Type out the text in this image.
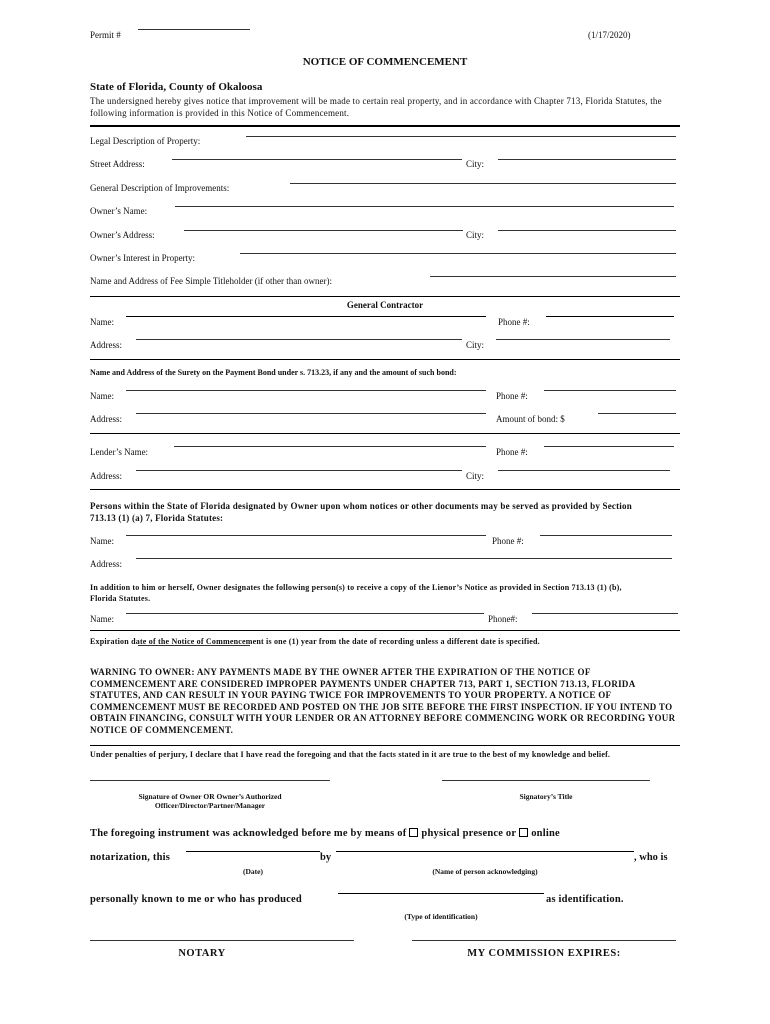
Permit #	(1/17/2020)
NOTICE OF COMMENCEMENT
State of Florida, County of Okaloosa
The undersigned hereby gives notice that improvement will be made to certain real property, and in accordance with Chapter 713, Florida Statutes, the following information is provided in this Notice of Commencement.
Legal Description of Property:
Street Address:	City:
General Description of Improvements:
Owner’s Name:
Owner’s Address:	City:
Owner’s Interest in Property:
Name and Address of Fee Simple Titleholder (if other than owner):
General Contractor
Name:	Phone #:
Address:	City:
Name and Address of the Surety on the Payment Bond under s. 713.23, if any and the amount of such bond:
Name:	Phone #:
Address:	Amount of bond: $
Lender’s Name:	Phone #:
Address:	City:
Persons within the State of Florida designated by Owner upon whom notices or other documents may be served as provided by Section 713.13 (1) (a) 7, Florida Statutes:
Name:	Phone #:
Address:
In addition to him or herself, Owner designates the following person(s) to receive a copy of the Lienor’s Notice as provided in Section 713.13 (1) (b), Florida Statutes.
Name:	Phone#:
Expiration date of the Notice of Commencement is one (1) year from the date of recording unless a different date is specified.
WARNING TO OWNER: ANY PAYMENTS MADE BY THE OWNER AFTER THE EXPIRATION OF THE NOTICE OF COMMENCEMENT ARE CONSIDERED IMPROPER PAYMENTS UNDER CHAPTER 713, PART 1, SECTION 713.13, FLORIDA STATUTES, AND CAN RESULT IN YOUR PAYING TWICE FOR IMPROVEMENTS TO YOUR PROPERTY. A NOTICE OF COMMENCEMENT MUST BE RECORDED AND POSTED ON THE JOB SITE BEFORE THE FIRST INSPECTION. IF YOU INTEND TO OBTAIN FINANCING, CONSULT WITH YOUR LENDER OR AN ATTORNEY BEFORE COMMENCING WORK OR RECORDING YOUR NOTICE OF COMMENCEMENT.
Under penalties of perjury, I declare that I have read the foregoing and that the facts stated in it are true to the best of my knowledge and belief.
Signature of Owner OR Owner’s Authorized
Officer/Director/Partner/Manager
Signatory’s Title
The foregoing instrument was acknowledged before me by means of physical presence or online
notarization, this	by	, who is
(Date)	(Name of person acknowledging)
personally known to me or who has produced	as identification.
(Type of identification)
NOTARY	MY COMMISSION EXPIRES:
